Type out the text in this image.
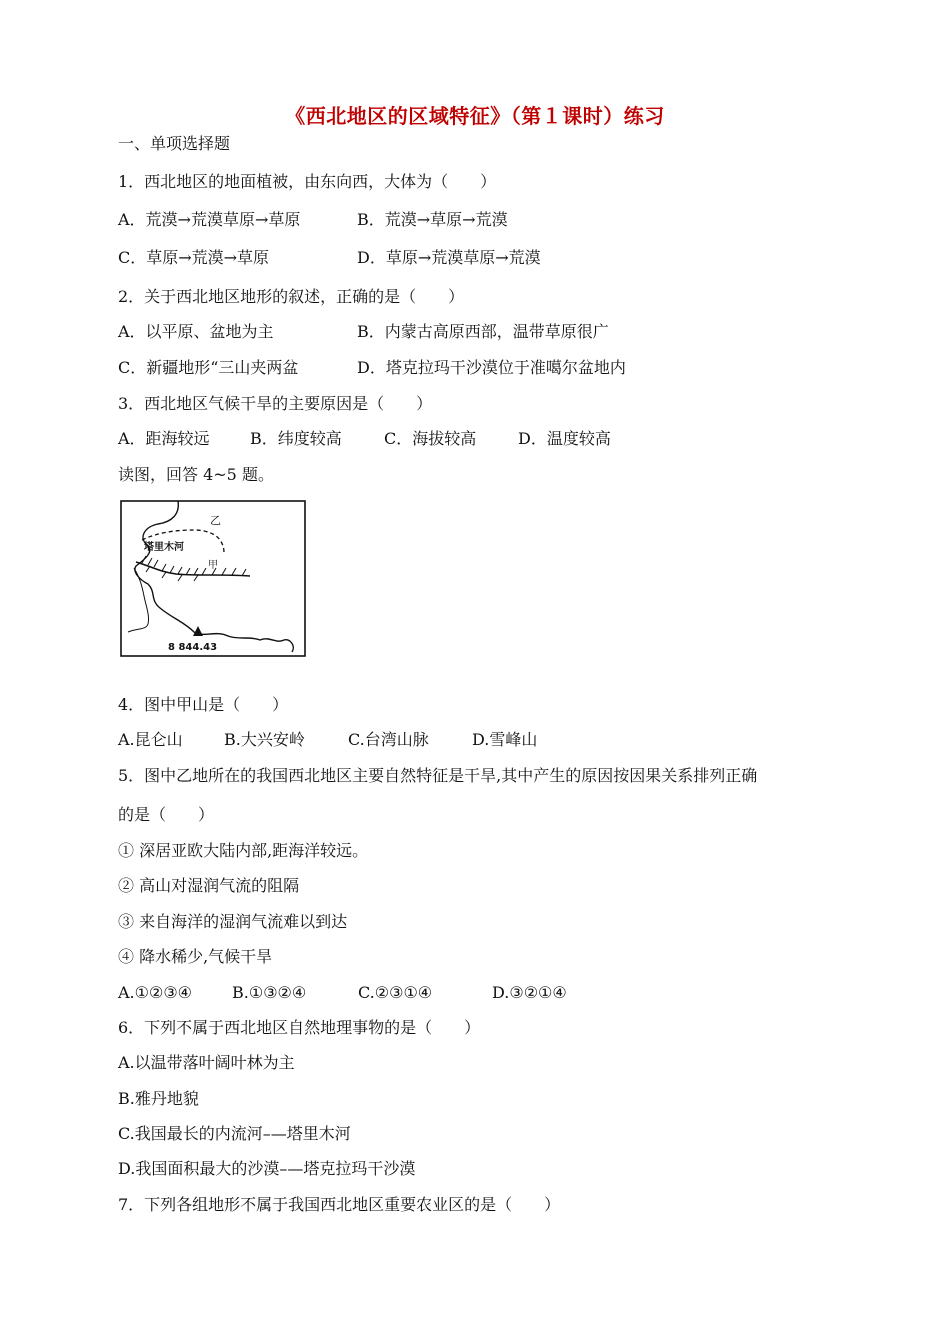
《西北地区的区域特征》（第１课时）练习
一、单项选择题
1．西北地区的地面植被，由东向西，大体为（　　）
A．荒漠→荒漠草原→草原	B．荒漠→草原→荒漠
C．草原→荒漠→草原	D．草原→荒漠草原→荒漠
2．关于西北地区地形的叙述，正确的是（　　）
A．以平原、盆地为主	B．内蒙古高原西部，温带草原很广
C．新疆地形“三山夹两盆	D．塔克拉玛干沙漠位于准噶尔盆地内
3．西北地区气候干旱的主要原因是（　　）
A．距海较远	B．纬度较高	C．海拔较高	D．温度较高
读图，回答 4~5 题。
乙
塔里木河
甲
8 844.43
4．图中甲山是（　　）
A.昆仑山	B.大兴安岭	C.台湾山脉	D.雪峰山
5．图中乙地所在的我国西北地区主要自然特征是干旱,其中产生的原因按因果关系排列正确
的是（　　）
① 深居亚欧大陆内部,距海洋较远。
② 高山对湿润气流的阻隔
③ 来自海洋的湿润气流难以到达
④ 降水稀少,气候干旱
A.①②③④ B.①③②④	C.②③①④	D.③②①④
6．下列不属于西北地区自然地理事物的是（　　）
A.以温带落叶阔叶林为主
B.雅丹地貌
C.我国最长的内流河–—塔里木河
D.我国面积最大的沙漠–—塔克拉玛干沙漠
7．下列各组地形不属于我国西北地区重要农业区的是（　　）
